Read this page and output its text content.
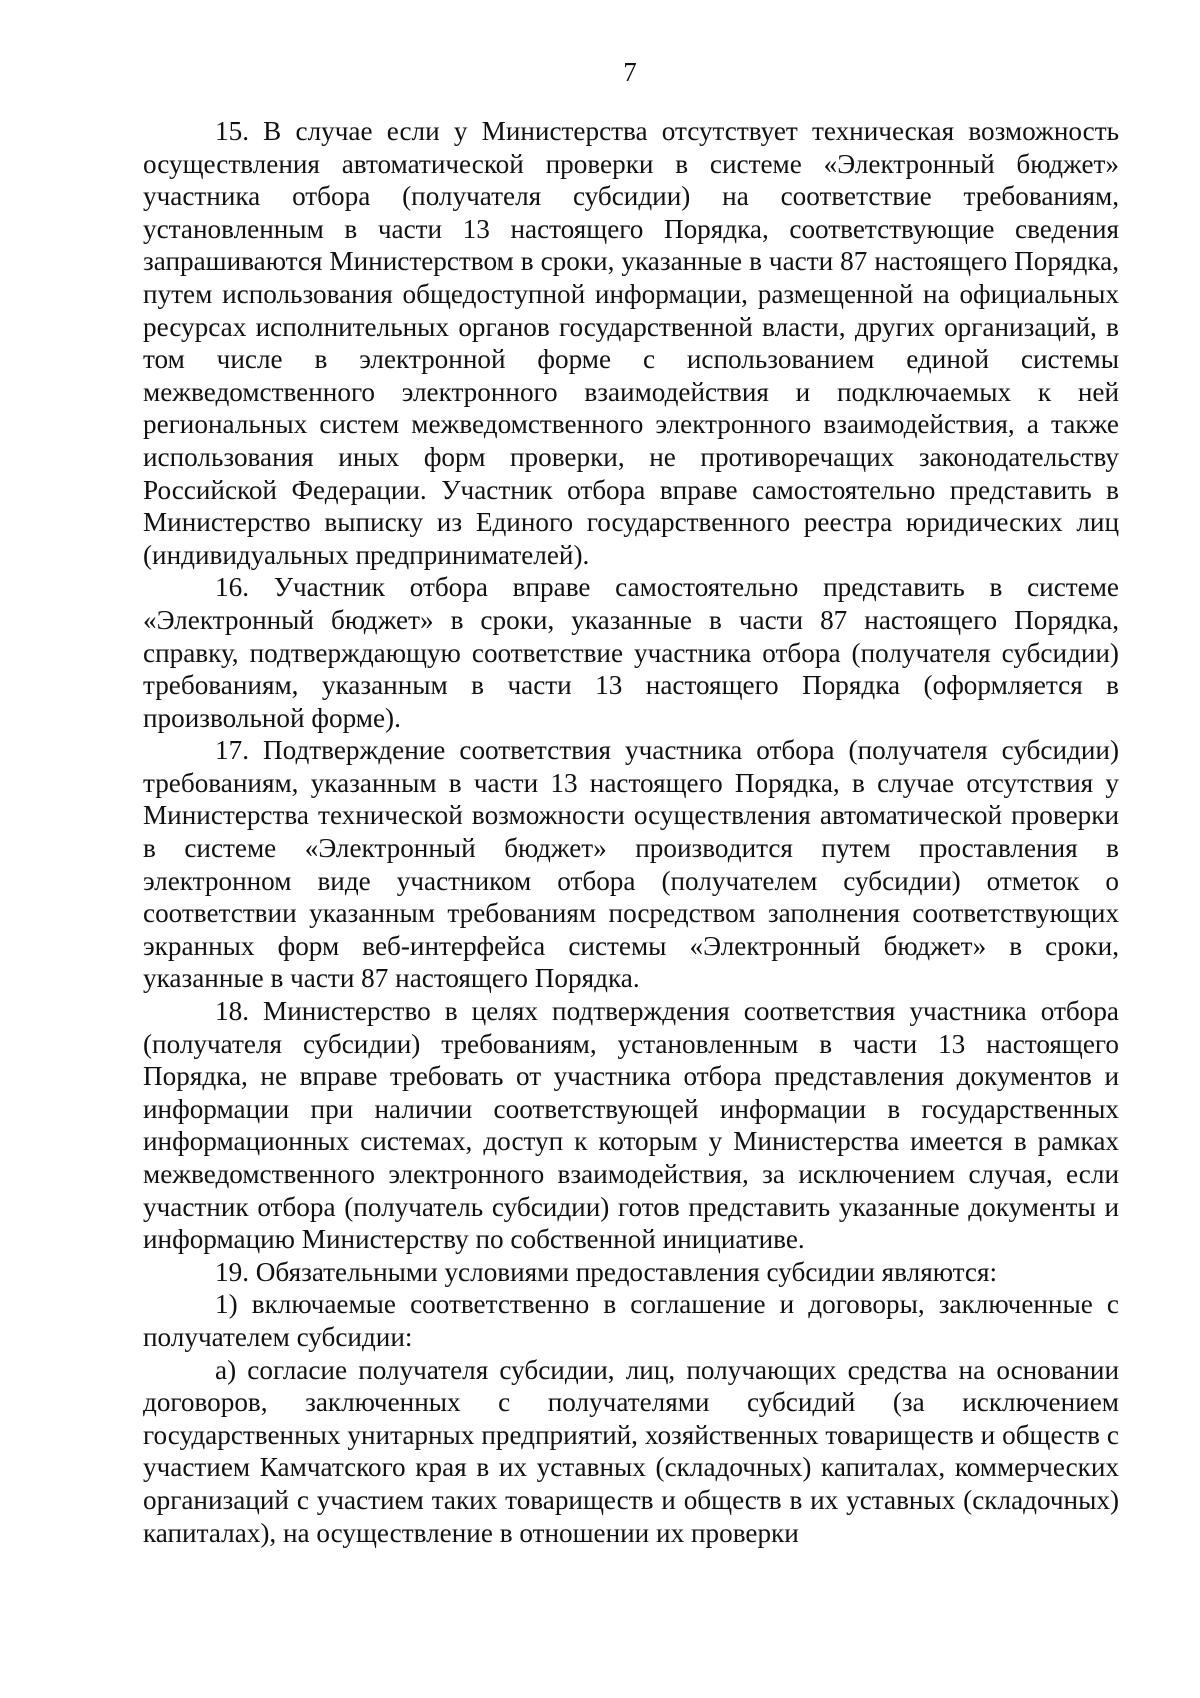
7

15. В случае если у Министерства отсутствует техническая возможность осуществления автоматической проверки в системе «Электронный бюджет» участника отбора (получателя субсидии) на соответствие требованиям, установленным в части 13 настоящего Порядка, соответствующие сведения запрашиваются Министерством в сроки, указанные в части 87 настоящего Порядка, путем использования общедоступной информации, размещенной на официальных ресурсах исполнительных органов государственной власти, других организаций, в том числе в электронной форме с использованием единой системы межведомственного электронного взаимодействия и подключаемых к ней региональных систем межведомственного электронного взаимодействия, а также использования иных форм проверки, не противоречащих законодательству Российской Федерации. Участник отбора вправе самостоятельно представить в Министерство выписку из Единого государственного реестра юридических лиц (индивидуальных предпринимателей).

16. Участник отбора вправе самостоятельно представить в системе «Электронный бюджет» в сроки, указанные в части 87 настоящего Порядка, справку, подтверждающую соответствие участника отбора (получателя субсидии) требованиям, указанным в части 13 настоящего Порядка (оформляется в произвольной форме).

17. Подтверждение соответствия участника отбора (получателя субсидии) требованиям, указанным в части 13 настоящего Порядка, в случае отсутствия у Министерства технической возможности осуществления автоматической проверки в системе «Электронный бюджет» производится путем проставления в электронном виде участником отбора (получателем субсидии) отметок о соответствии указанным требованиям посредством заполнения соответствующих экранных форм веб-интерфейса системы «Электронный бюджет» в сроки, указанные в части 87 настоящего Порядка.

18. Министерство в целях подтверждения соответствия участника отбора (получателя субсидии) требованиям, установленным в части 13 настоящего Порядка, не вправе требовать от участника отбора представления документов и информации при наличии соответствующей информации в государственных информационных системах, доступ к которым у Министерства имеется в рамках межведомственного электронного взаимодействия, за исключением случая, если участник отбора (получатель субсидии) готов представить указанные документы и информацию Министерству по собственной инициативе.

19. Обязательными условиями предоставления субсидии являются:

1) включаемые соответственно в соглашение и договоры, заключенные с получателем субсидии:

а) согласие получателя субсидии, лиц, получающих средства на основании договоров, заключенных с получателями субсидий (за исключением государственных унитарных предприятий, хозяйственных товариществ и обществ с участием Камчатского края в их уставных (складочных) капиталах, коммерческих организаций с участием таких товариществ и обществ в их уставных (складочных) капиталах), на осуществление в отношении их проверки
